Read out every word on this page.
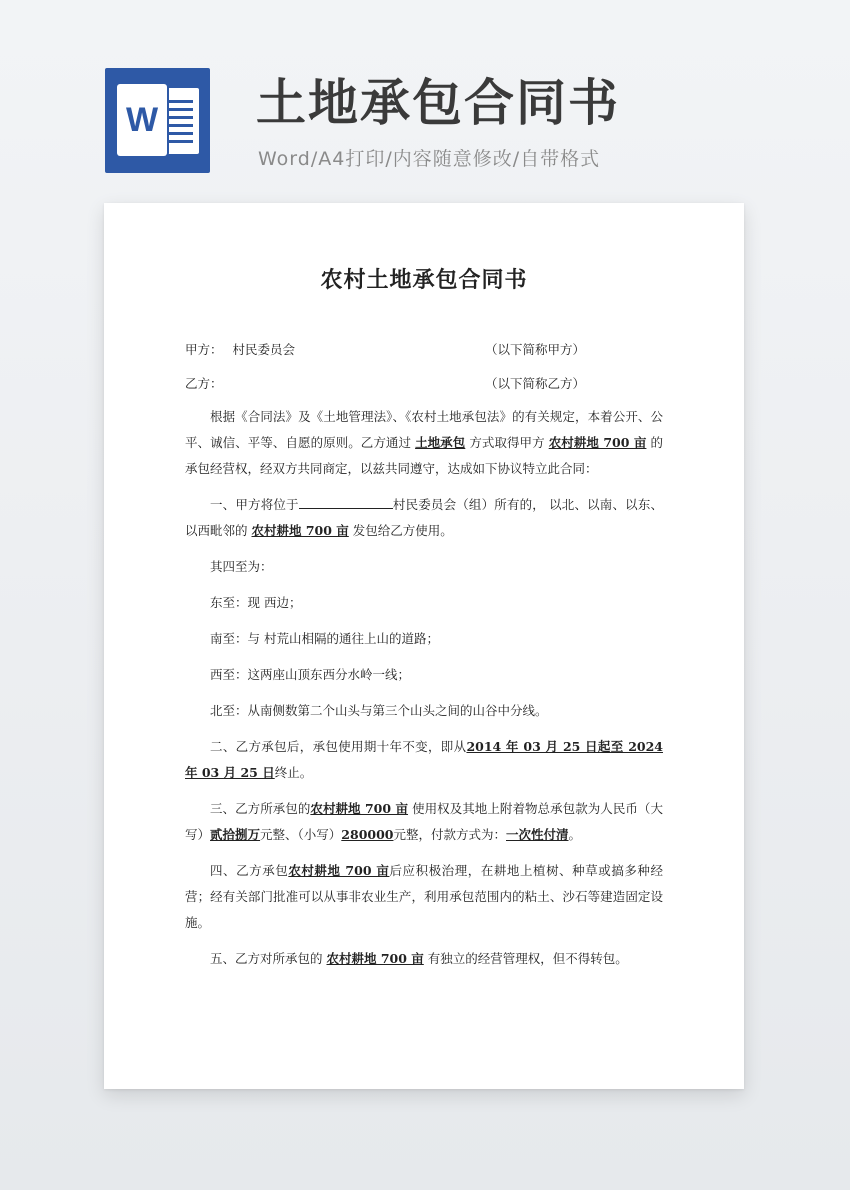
W 土地承包合同书
Word/A4打印/内容随意修改/自带格式
农村土地承包合同书
甲方： 村民委员会	（以下简称甲方）
乙方：	（以下简称乙方）

根据《合同法》及《土地管理法》、《农村土地承包法》的有关规定，本着公开、公平、诚信、平等、自愿的原则。乙方通过 土地承包 方式取得甲方 农村耕地 700 亩 的承包经营权，经双方共同商定，以兹共同遵守，达成如下协议特立此合同：

一、甲方将位于	村民委员会（组）所有的， 以北、以南、以东、以西毗邻的 农村耕地 700 亩 发包给乙方使用。

其四至为：

东至：现 西边；

南至：与 村荒山相隔的通往上山的道路；

西至：这两座山顶东西分水岭一线；

北至：从南侧数第二个山头与第三个山头之间的山谷中分线。

二、乙方承包后，承包使用期十年不变，即从2014 年 03 月 25 日起至 2024 年 03 月 25 日终止。

三、乙方所承包的农村耕地 700 亩 使用权及其地上附着物总承包款为人民币（大写）贰拾捌万元整、（小写）280000元整，付款方式为：一次性付清。

四、乙方承包农村耕地 700 亩后应积极治理，在耕地上植树、种草或搞多种经营；经有关部门批准可以从事非农业生产，利用承包范围内的粘土、沙石等建造固定设施。

五、乙方对所承包的 农村耕地 700 亩 有独立的经营管理权，但不得转包。
